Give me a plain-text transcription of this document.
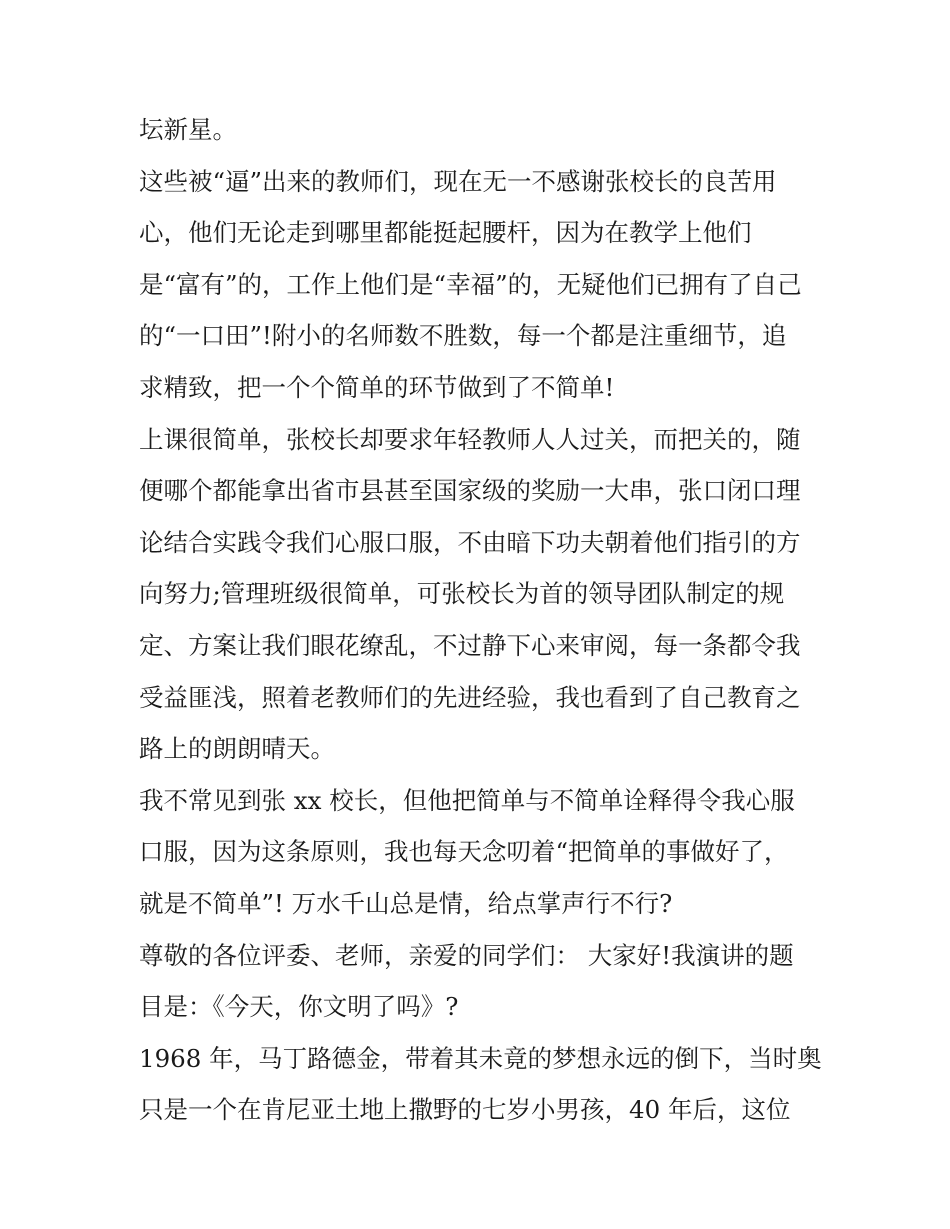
坛新星。
这些被“逼”出来的教师们，现在无一不感谢张校长的良苦用
心，他们无论走到哪里都能挺起腰杆，因为在教学上他们
是“富有”的，工作上他们是“幸福”的，无疑他们已拥有了自己
的“一口田”!附小的名师数不胜数，每一个都是注重细节，追
求精致，把一个个简单的环节做到了不简单!
上课很简单，张校长却要求年轻教师人人过关，而把关的，随
便哪个都能拿出省市县甚至国家级的奖励一大串，张口闭口理
论结合实践令我们心服口服，不由暗下功夫朝着他们指引的方
向努力;管理班级很简单，可张校长为首的领导团队制定的规
定、方案让我们眼花缭乱，不过静下心来审阅，每一条都令我
受益匪浅，照着老教师们的先进经验，我也看到了自己教育之
路上的朗朗晴天。
我不常见到张 xx 校长，但他把简单与不简单诠释得令我心服
口服，因为这条原则，我也每天念叨着“把简单的事做好了，
就是不简单”! 万水千山总是情，给点掌声行不行?
尊敬的各位评委、老师，亲爱的同学们： 大家好!我演讲的题
目是：《今天，你文明了吗》?
1968 年，马丁路德金，带着其未竟的梦想永远的倒下，当时奥
只是一个在肯尼亚土地上撒野的七岁小男孩，40 年后，这位
